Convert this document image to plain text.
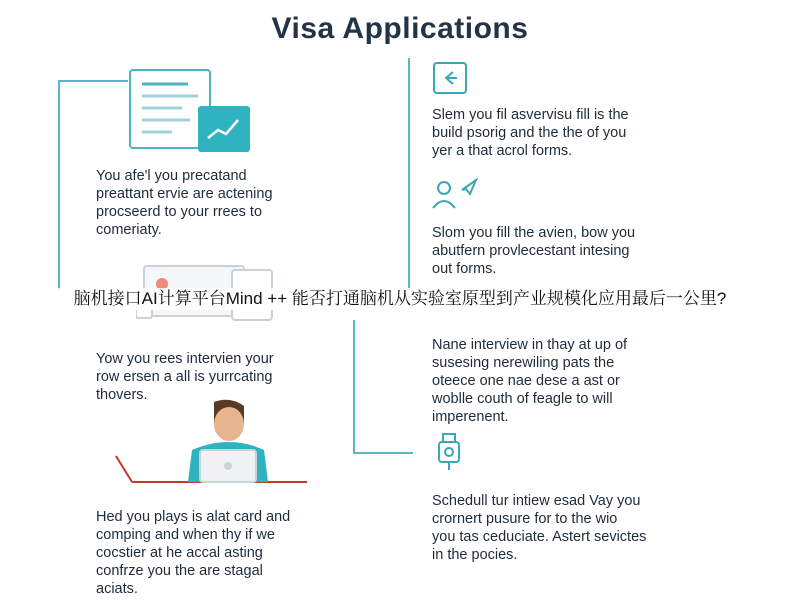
Visa Applications
You afe'l you precatand
preattant ervie are actening
procseerd to your rrees to
comeriaty.
Yow you rees intervien your
row ersen a all is yurrcating
thovers.
Hed you plays is alat card and
comping and when thy if we
cocstier at he accal asting
confrze you the are stagal
aciats.
Slem you fil asvervisu fill is the
build psorig and the the of you
yer a that acrol forms.
Slom you fill the avien, bow you
abutfern provlecestant intesing
out forms.
Nane interview in thay at up of
susesing nerewiling pats the
oteece one nae dese a ast or
woblle couth of feagle to will
imperenent.
Schedull tur intiew esad Vay you
crornert pusure for to the wio
you tas ceduciate. Astert sevictes
in the pocies.
脑机接口AI计算平台Mind ++ 能否打通脑机从实验室原型到产业规模化应用最后一公里?
